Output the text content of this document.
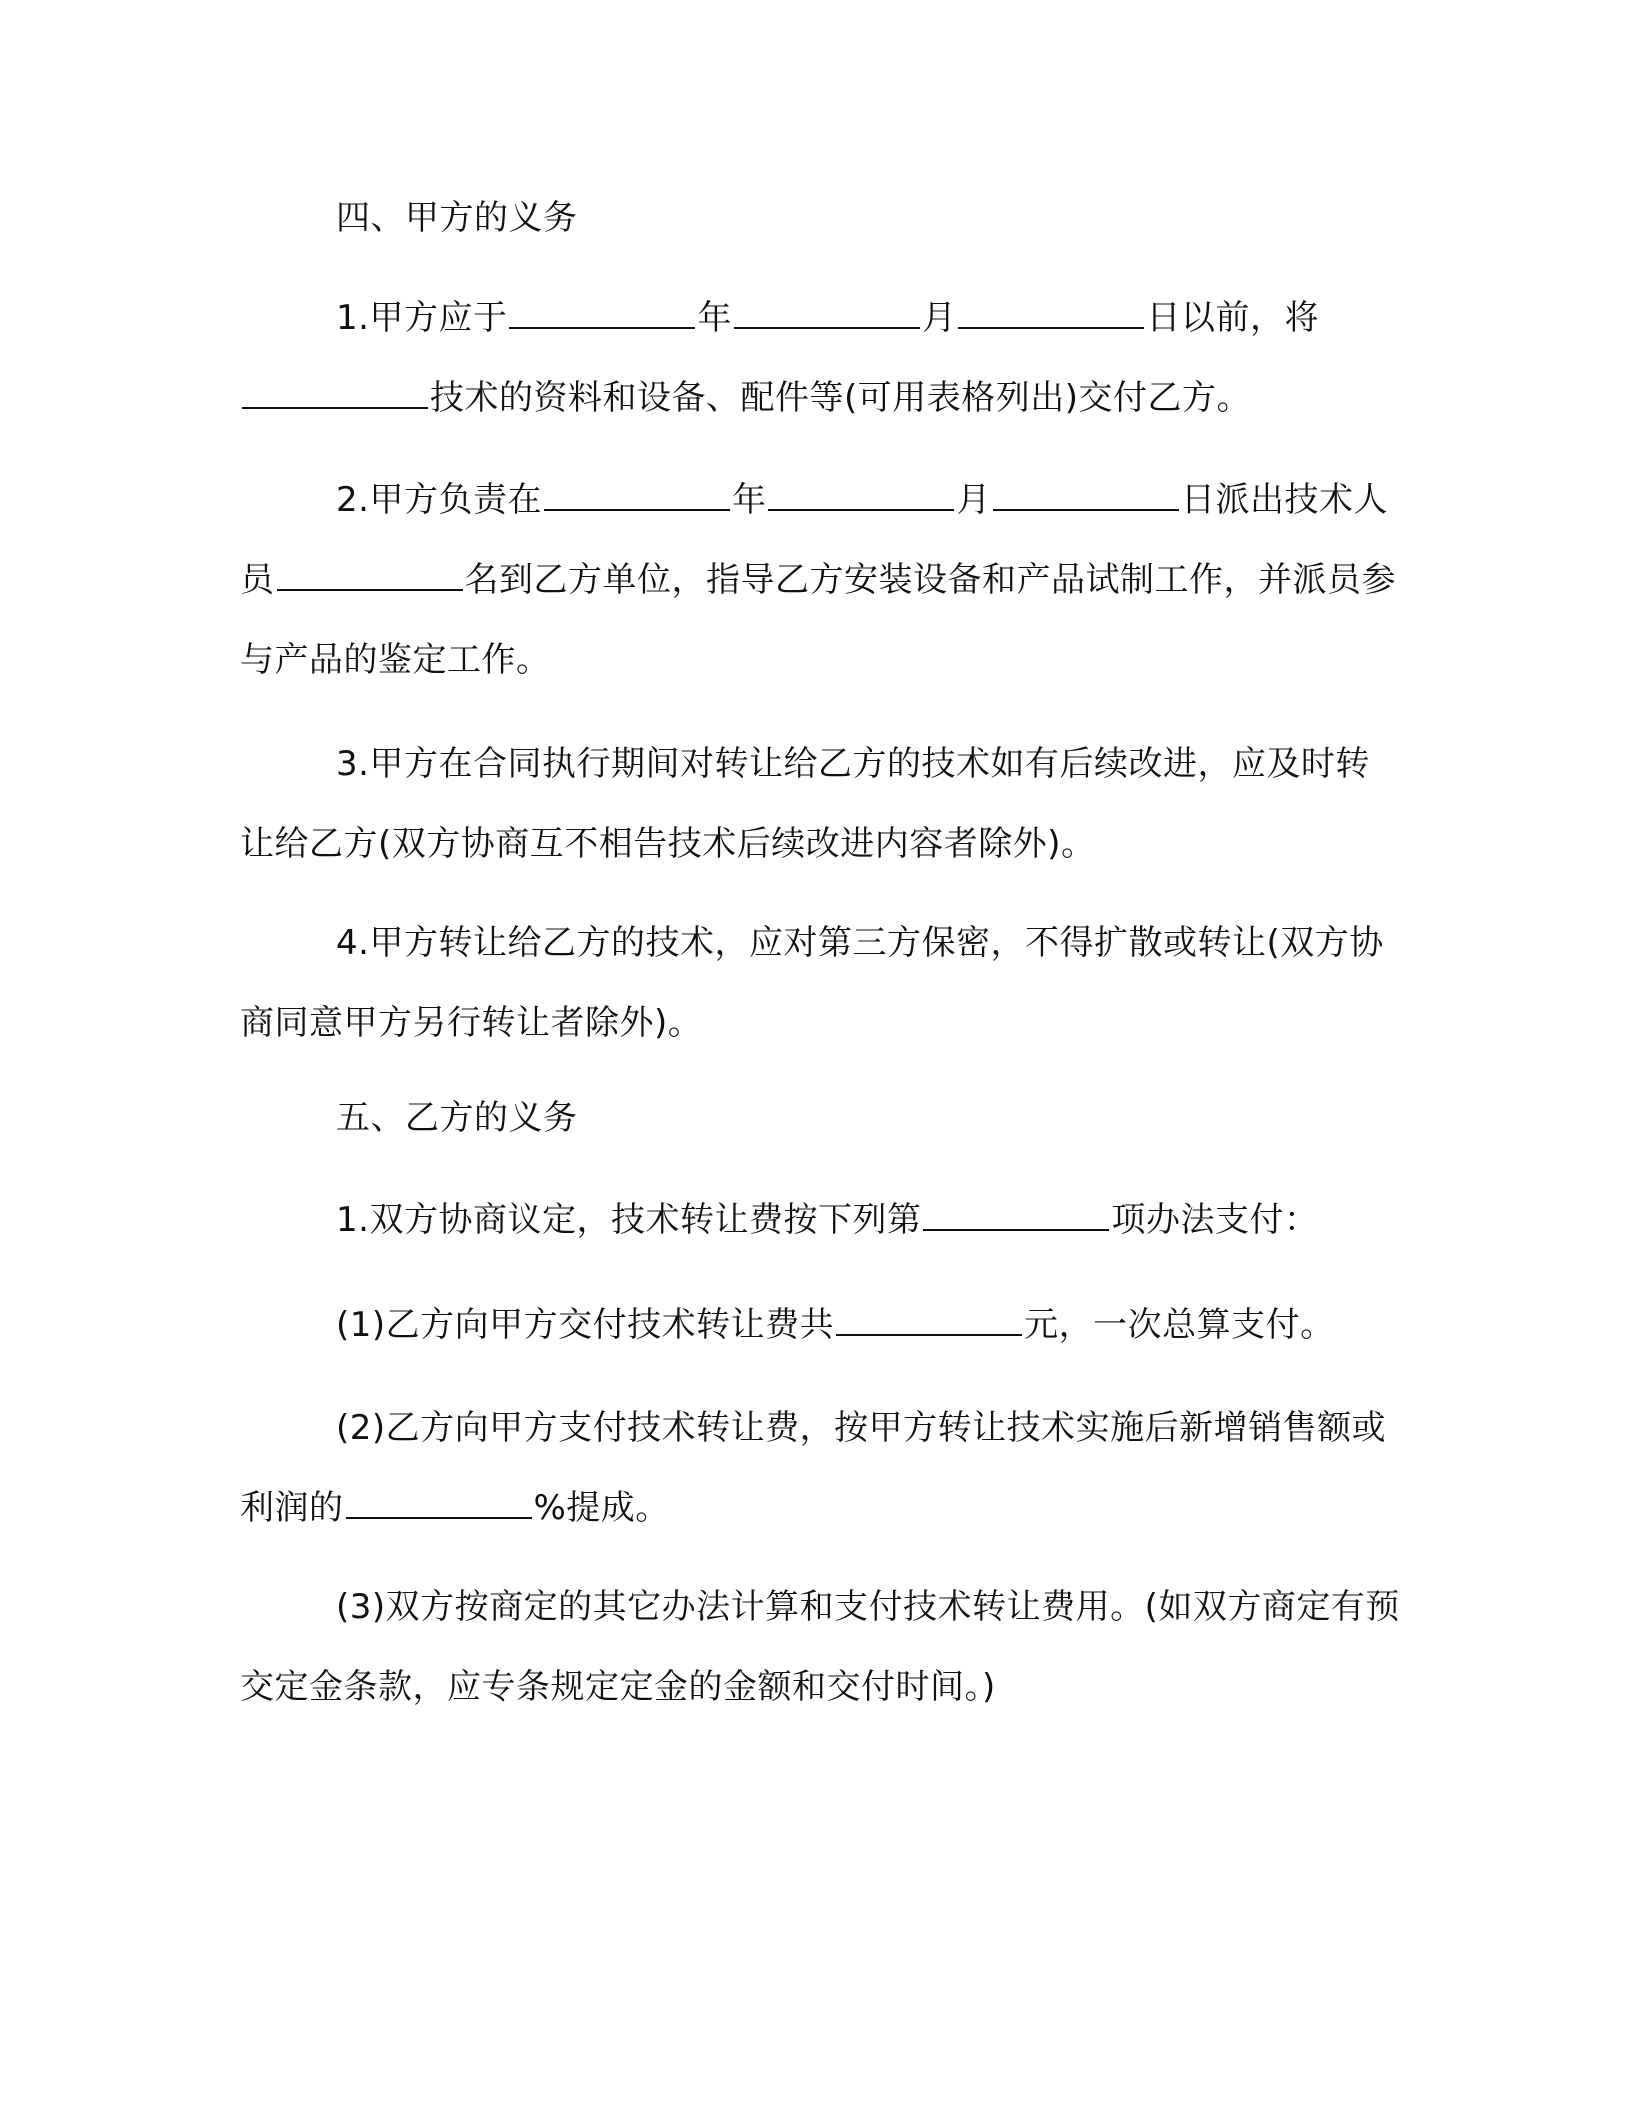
四、甲方的义务
1.甲方应于	年	月	日以前，将技术的资料和设备、配件等(可用表格列出)交付乙方。
2.甲方负责在	年	月	日派出技术人员	名到乙方单位，指导乙方安装设备和产品试制工作，并派员参与产品的鉴定工作。
3.甲方在合同执行期间对转让给乙方的技术如有后续改进，应及时转让给乙方(双方协商互不相告技术后续改进内容者除外)。
4.甲方转让给乙方的技术，应对第三方保密，不得扩散或转让(双方协商同意甲方另行转让者除外)。
五、乙方的义务
1.双方协商议定，技术转让费按下列第	项办法支付：
(1)乙方向甲方交付技术转让费共	元，一次总算支付。
(2)乙方向甲方支付技术转让费，按甲方转让技术实施后新增销售额或利润的	%提成。
(3)双方按商定的其它办法计算和支付技术转让费用。(如双方商定有预交定金条款，应专条规定定金的金额和交付时间。)
